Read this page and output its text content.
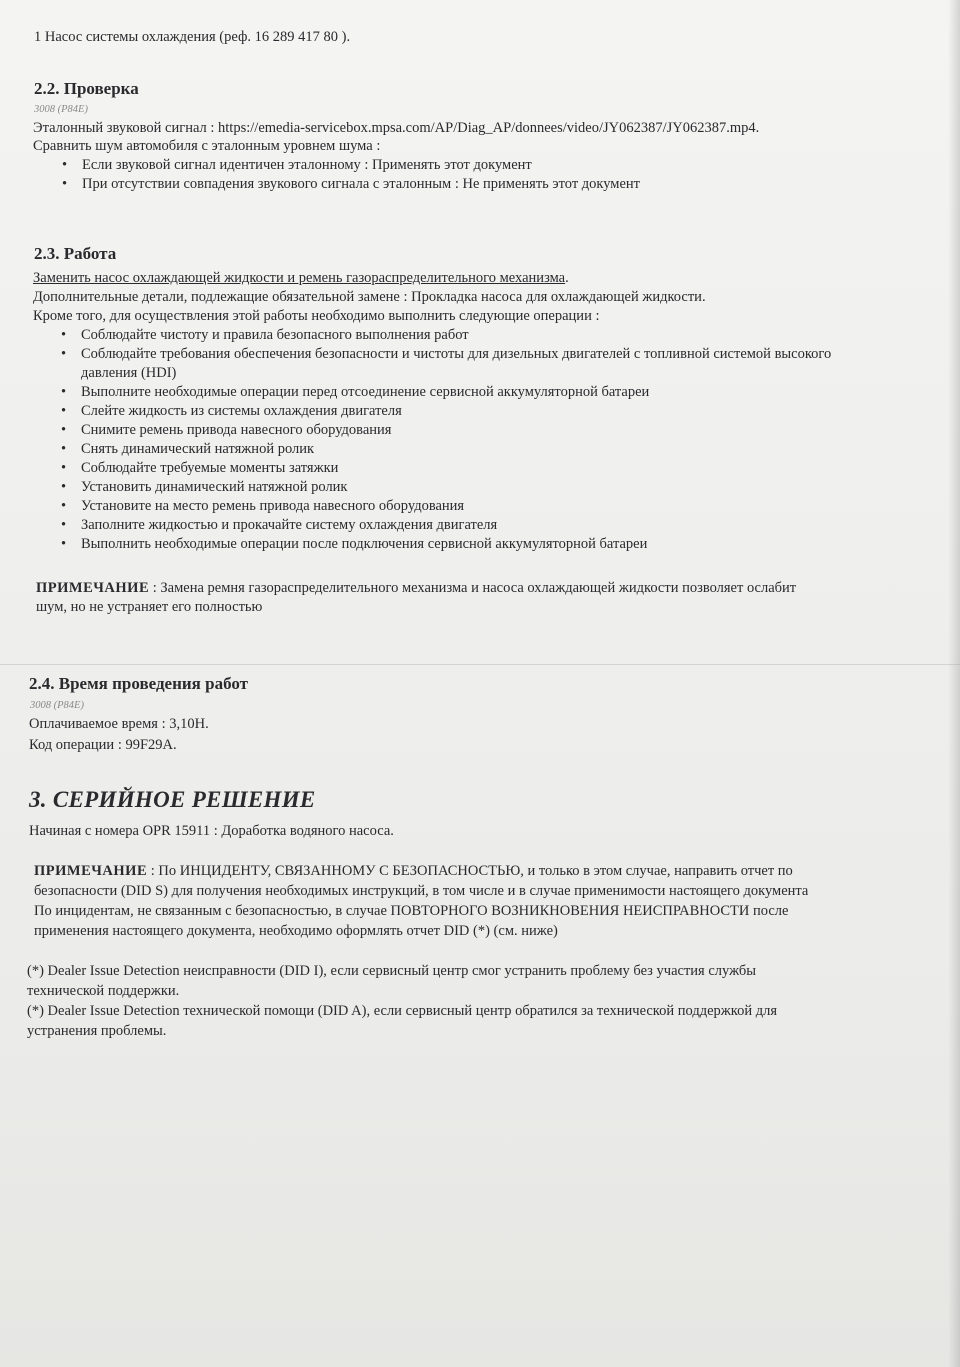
1 Насос системы охлаждения (реф. 16 289 417 80 ).
2.2. Проверка
3008 (P84E)
Эталонный звуковой сигнал : https://emedia-servicebox.mpsa.com/AP/Diag_AP/donnees/video/JY062387/JY062387.mp4.
Сравнить шум автомобиля с эталонным уровнем шума :
• Если звуковой сигнал идентичен эталонному : Применять этот документ
• При отсутствии совпадения звукового сигнала с эталонным : Не применять этот документ
2.3. Работа
Заменить насос охлаждающей жидкости и ремень газораспределительного механизма.
Дополнительные детали, подлежащие обязательной замене : Прокладка насоса для охлаждающей жидкости.
Кроме того, для осуществления этой работы необходимо выполнить следующие операции :
• Соблюдайте чистоту и правила безопасного выполнения работ
• Соблюдайте требования обеспечения безопасности и чистоты для дизельных двигателей с топливной системой высокого
давления (HDI)
• Выполните необходимые операции перед отсоединение сервисной аккумуляторной батареи
• Слейте жидкость из системы охлаждения двигателя
• Снимите ремень привода навесного оборудования
• Снять динамический натяжной ролик
• Соблюдайте требуемые моменты затяжки
• Установить динамический натяжной ролик
• Установите на место ремень привода навесного оборудования
• Заполните жидкостью и прокачайте систему охлаждения двигателя
• Выполнить необходимые операции после подключения сервисной аккумуляторной батареи
ПРИМЕЧАНИЕ : Замена ремня газораспределительного механизма и насоса охлаждающей жидкости позволяет ослабит
шум, но не устраняет его полностью
2.4. Время проведения работ
3008 (P84E)
Оплачиваемое время : 3,10H.
Код операции : 99F29A.
3. СЕРИЙНОЕ РЕШЕНИЕ
Начиная с номера OPR 15911 : Доработка водяного насоса.
ПРИМЕЧАНИЕ : По ИНЦИДЕНТУ, СВЯЗАННОМУ С БЕЗОПАСНОСТЬЮ, и только в этом случае, направить отчет по
безопасности (DID S) для получения необходимых инструкций, в том числе и в случае применимости настоящего документа
По инцидентам, не связанным с безопасностью, в случае ПОВТОРНОГО ВОЗНИКНОВЕНИЯ НЕИСПРАВНОСТИ после
применения настоящего документа, необходимо оформлять отчет DID (*) (см. ниже)
(*) Dealer Issue Detection неисправности (DID I), если сервисный центр смог устранить проблему без участия службы
технической поддержки.
(*) Dealer Issue Detection технической помощи (DID A), если сервисный центр обратился за технической поддержкой для
устранения проблемы.
